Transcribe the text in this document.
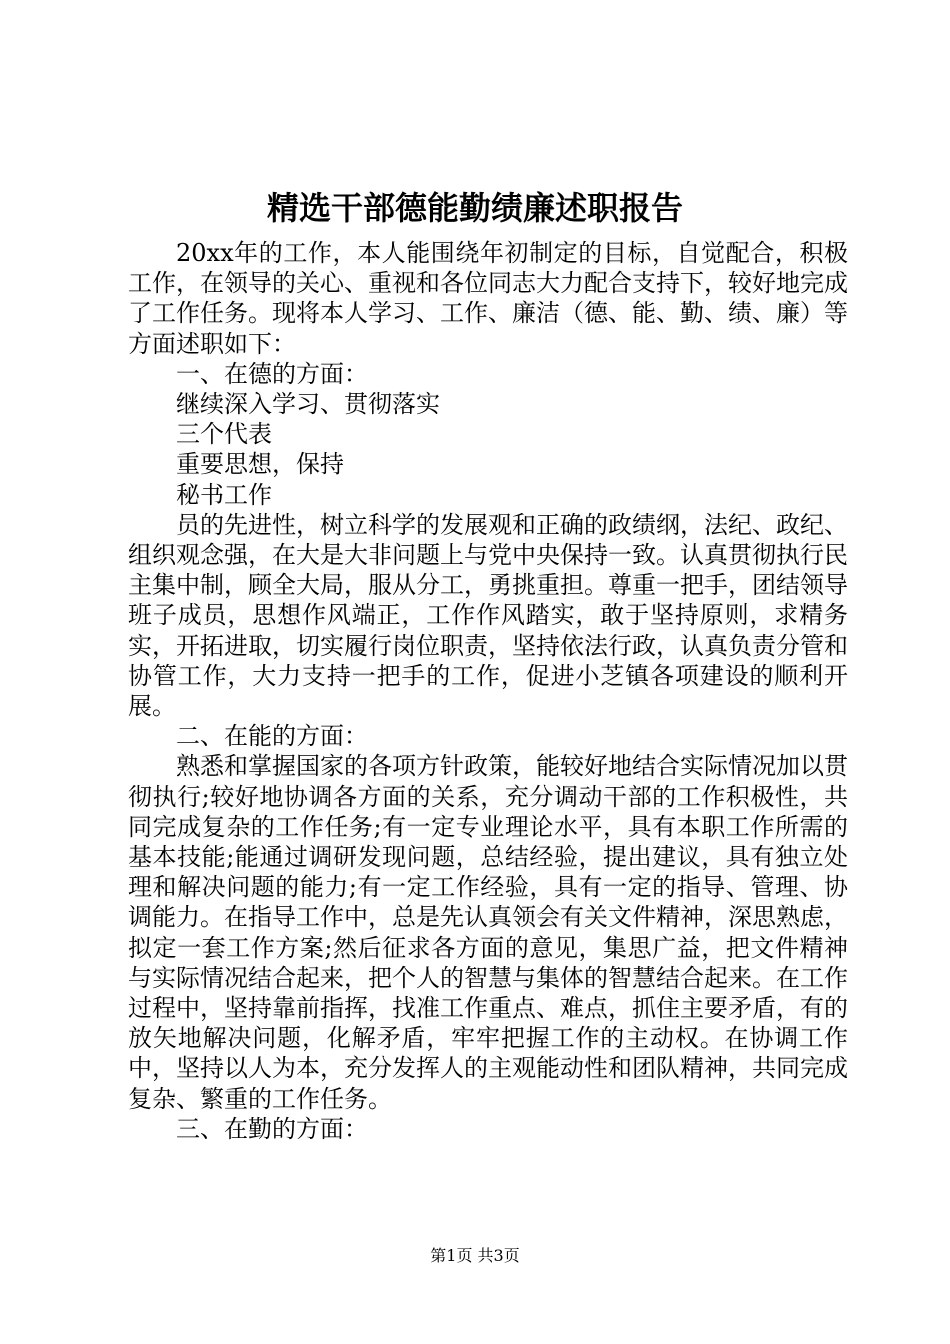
精选干部德能勤绩廉述职报告

20xx年的工作，本人能围绕年初制定的目标，自觉配合，积极工作，在领导的关心、重视和各位同志大力配合支持下，较好地完成了工作任务。现将本人学习、工作、廉洁（德、能、勤、绩、廉）等方面述职如下：

一、在德的方面：

继续深入学习、贯彻落实

三个代表

重要思想，保持

秘书工作

员的先进性，树立科学的发展观和正确的政绩纲，法纪、政纪、组织观念强，在大是大非问题上与党中央保持一致。认真贯彻执行民主集中制，顾全大局，服从分工，勇挑重担。尊重一把手，团结领导班子成员，思想作风端正，工作作风踏实，敢于坚持原则，求精务实，开拓进取，切实履行岗位职责，坚持依法行政，认真负责分管和协管工作，大力支持一把手的工作，促进小芝镇各项建设的顺利开展。

二、在能的方面：

熟悉和掌握国家的各项方针政策，能较好地结合实际情况加以贯彻执行;较好地协调各方面的关系，充分调动干部的工作积极性，共同完成复杂的工作任务;有一定专业理论水平，具有本职工作所需的基本技能;能通过调研发现问题，总结经验，提出建议，具有独立处理和解决问题的能力;有一定工作经验，具有一定的指导、管理、协调能力。在指导工作中，总是先认真领会有关文件精神，深思熟虑，拟定一套工作方案;然后征求各方面的意见，集思广益，把文件精神与实际情况结合起来，把个人的智慧与集体的智慧结合起来。在工作过程中，坚持靠前指挥，找准工作重点、难点，抓住主要矛盾，有的放矢地解决问题，化解矛盾，牢牢把握工作的主动权。在协调工作中，坚持以人为本，充分发挥人的主观能动性和团队精神，共同完成复杂、繁重的工作任务。

三、在勤的方面：

第1页 共3页
